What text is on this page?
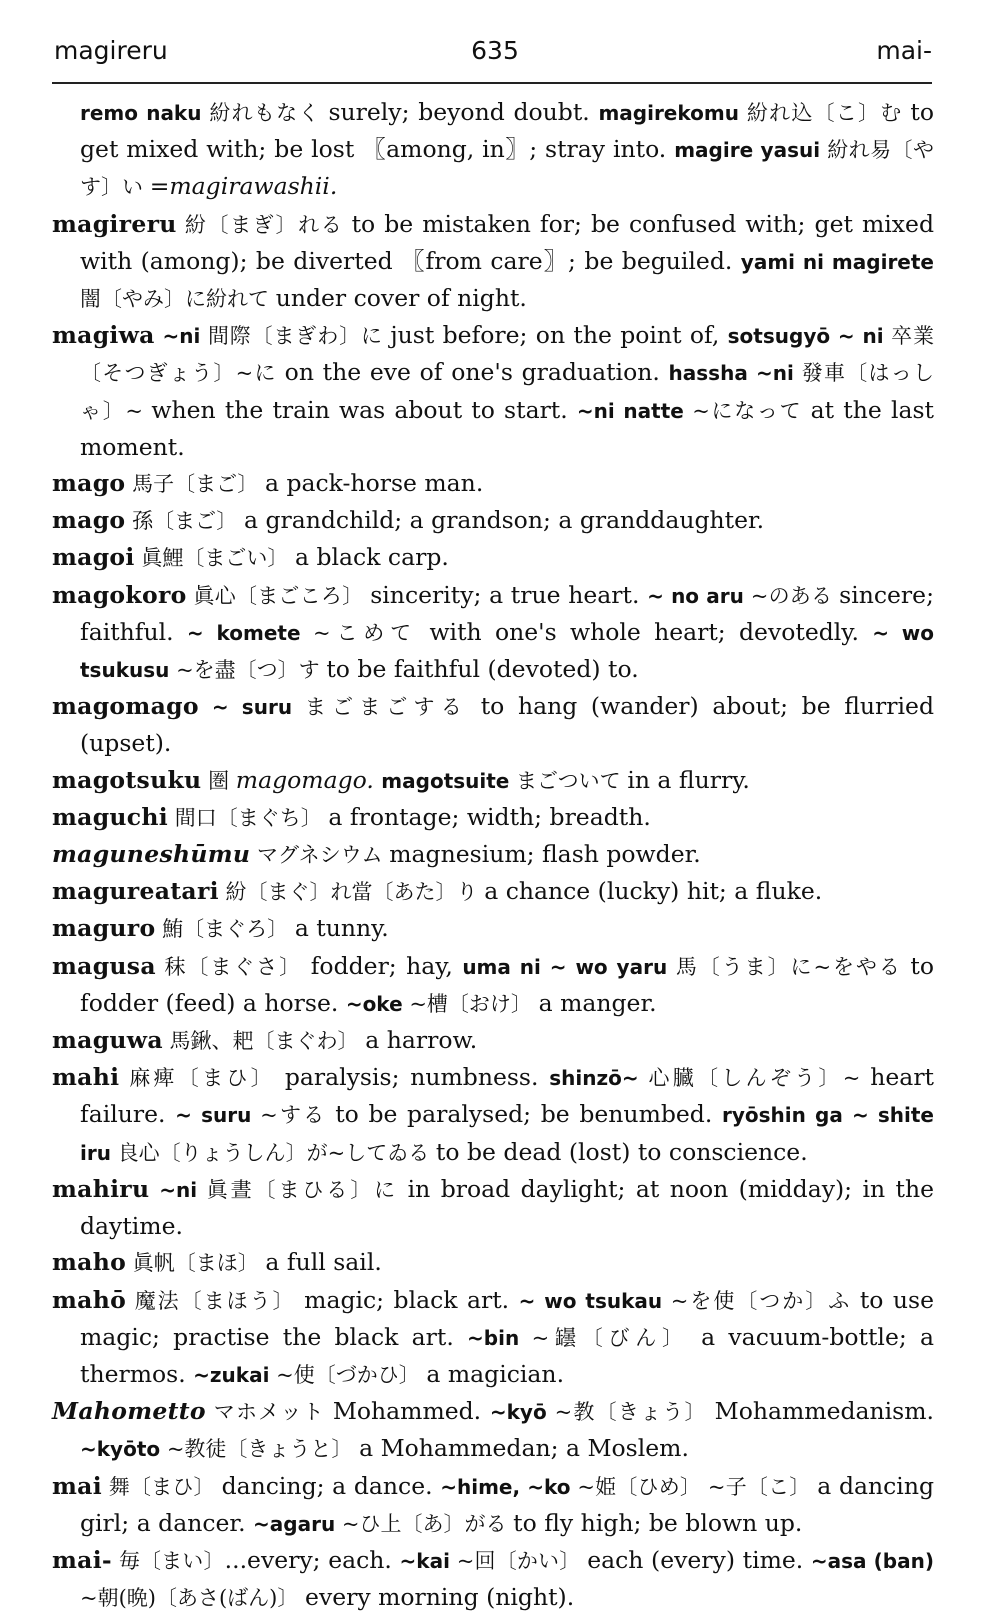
magireru	635	mai-

remo naku 紛れもなく surely; beyond doubt. magirekomu 紛れ込〔こ〕む to get mixed with; be lost 〖among, in〗; stray into. magire yasui 紛れ易〔やす〕い =magirawashii.

magireru 紛〔まぎ〕れる to be mistaken for; be confused with; get mixed with (among); be diverted 〖from care〗; be beguiled. yami ni magirete 闇〔やみ〕に紛れて under cover of night.

magiwa ~ni 間際〔まぎわ〕に just before; on the point of, sotsugyō ~ ni 卒業〔そつぎょう〕~に on the eve of one's graduation. hassha ~ni 發車〔はっしゃ〕~ when the train was about to start. ~ni natte ~になって at the last moment.

mago 馬子〔まご〕 a pack-horse man.

mago 孫〔まご〕 a grandchild; a grandson; a granddaughter.

magoi 眞鯉〔まごい〕 a black carp.

magokoro 眞心〔まごころ〕 sincerity; a true heart. ~ no aru ~のある sincere; faithful. ~ komete ~こめて with one's whole heart; devotedly. ~ wo tsukusu ~を盡〔つ〕す to be faithful (devoted) to.

magomago ~ suru まごまごする to hang (wander) about; be flurried (upset).

magotsuku 圏 magomago. magotsuite まごついて in a flurry.

maguchi 間口〔まぐち〕 a frontage; width; breadth.

maguneshūmu マグネシウム magnesium; flash powder.

magureatari 紛〔まぐ〕れ當〔あた〕り a chance (lucky) hit; a fluke.

maguro 鮪〔まぐろ〕 a tunny.

magusa 秣〔まぐさ〕 fodder; hay, uma ni ~ wo yaru 馬〔うま〕に~をやる to fodder (feed) a horse. ~oke ~槽〔おけ〕 a manger.

maguwa 馬鍬、耙〔まぐわ〕 a harrow.

mahi 麻痺〔まひ〕 paralysis; numbness. shinzō~ 心臓〔しんぞう〕~ heart failure. ~ suru ~する to be paralysed; be benumbed. ryōshin ga ~ shite iru 良心〔りょうしん〕が~してゐる to be dead (lost) to conscience.

mahiru ~ni 眞晝〔まひる〕に in broad daylight; at noon (midday); in the daytime.

maho 眞帆〔まほ〕 a full sail.

mahō 魔法〔まほう〕 magic; black art. ~ wo tsukau ~を使〔つか〕ふ to use magic; practise the black art. ~bin ~罎〔びん〕 a vacuum-bottle; a thermos. ~zukai ~使〔づかひ〕 a magician.

Mahometto マホメット Mohammed. ~kyō ~教〔きょう〕 Mohammedanism. ~kyōto ~教徒〔きょうと〕 a Mohammedan; a Moslem.

mai 舞〔まひ〕 dancing; a dance. ~hime, ~ko ~姫〔ひめ〕 ~子〔こ〕 a dancing girl; a dancer. ~agaru ~ひ上〔あ〕がる to fly high; be blown up.

mai- 毎〔まい〕...every; each. ~kai ~回〔かい〕 each (every) time. ~asa (ban) ~朝(晩)〔あさ(ばん)〕 every morning (night).
